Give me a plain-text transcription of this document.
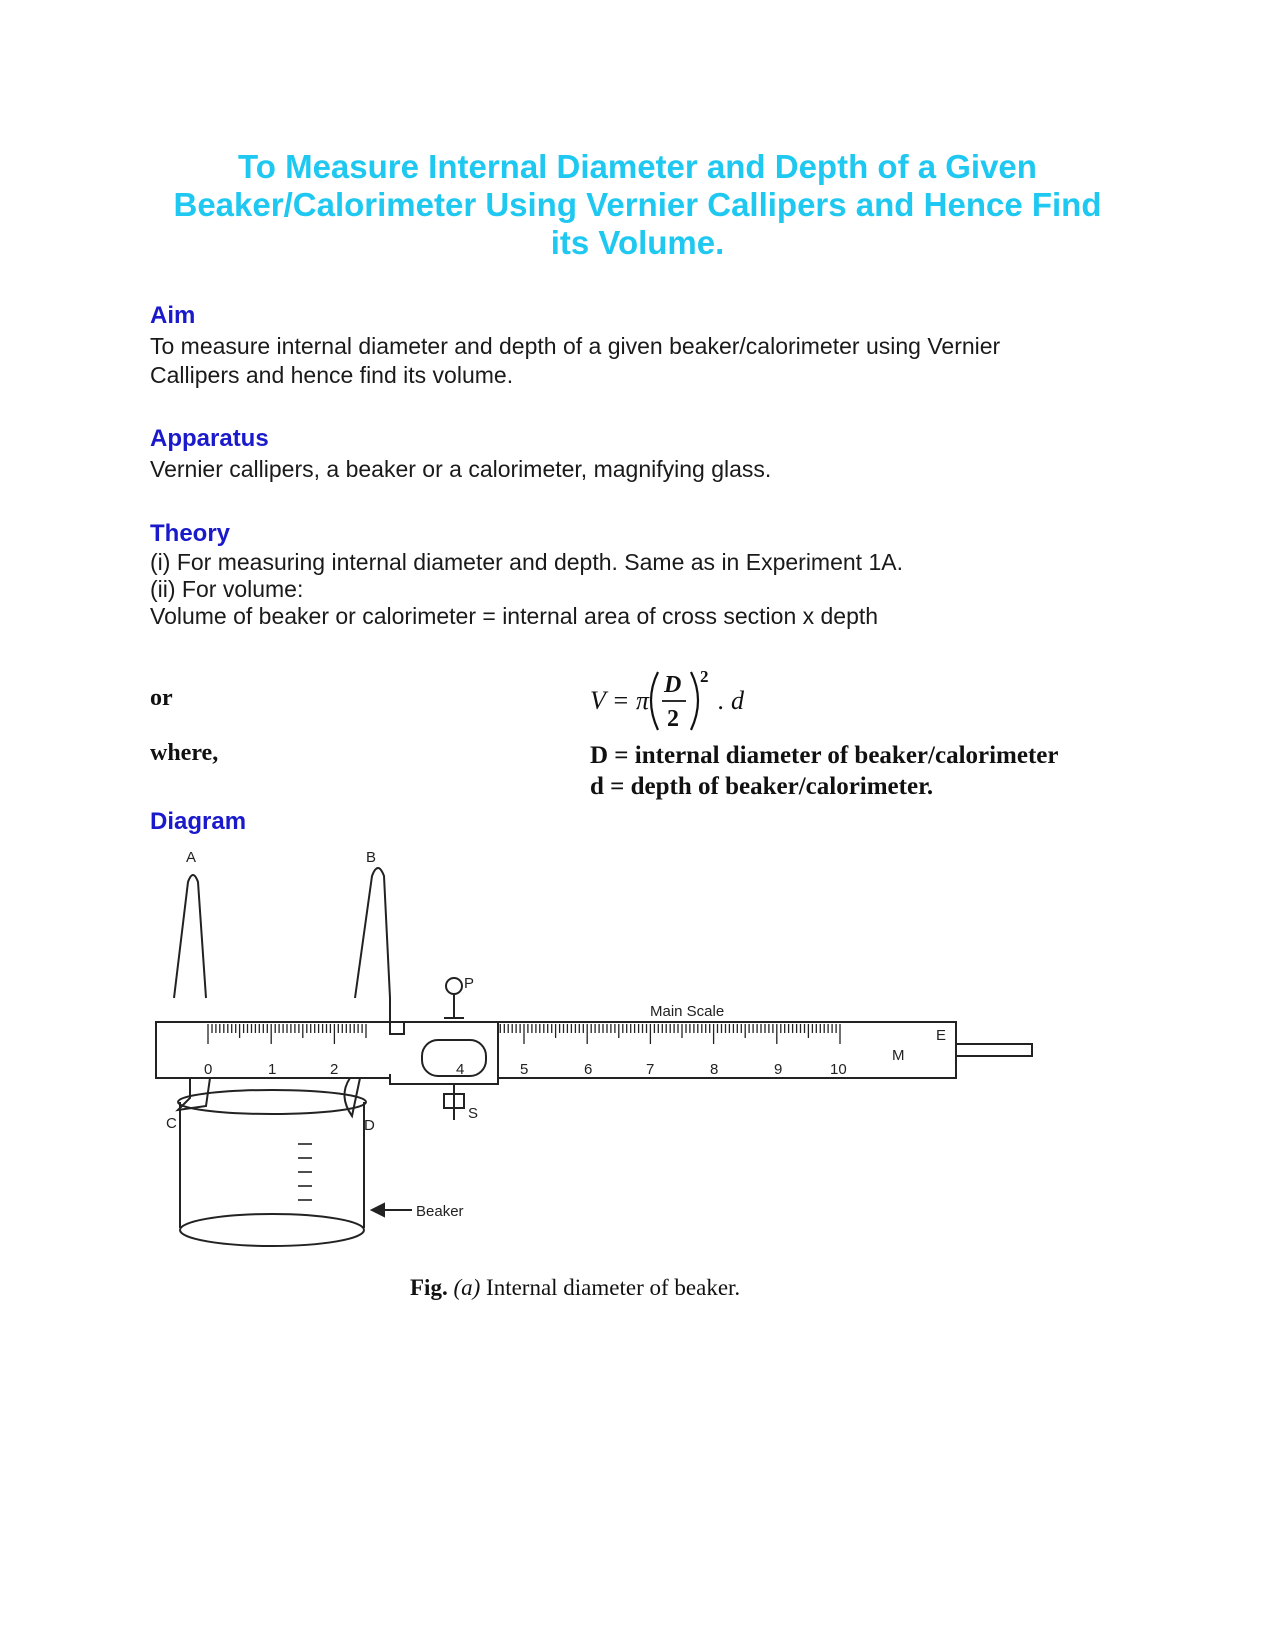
To Measure Internal Diameter and Depth of a Given
Beaker/Calorimeter Using Vernier Callipers and Hence Find
its Volume.
Aim
To measure internal diameter and depth of a given beaker/calorimeter using Vernier
Callipers and hence find its volume.
Apparatus
Vernier callipers, a beaker or a calorimeter, magnifying glass.
Theory
(i) For measuring internal diameter and depth. Same as in Experiment 1A.
(ii) For volume:
Volume of beaker or calorimeter = internal area of cross section x depth
or	V = π
D
2
2
. d
where,	D = internal diameter of beaker/calorimeter
d = depth of beaker/calorimeter.
Diagram
A	B
C	D
E
M
P
S
Main Scale
Beaker
0	1	2	4	5	6	7	8	9	10
Fig. (a) Internal diameter of beaker.
